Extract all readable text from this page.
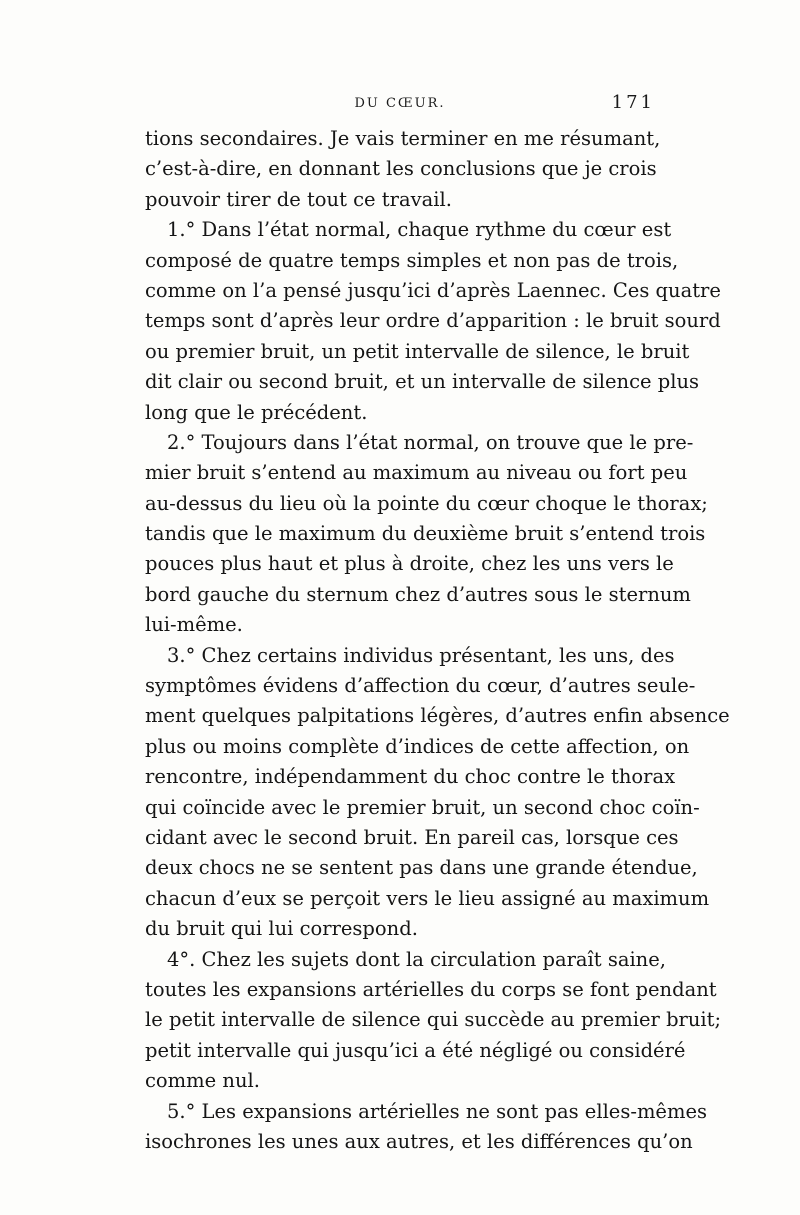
DU CŒUR.	171
tions secondaires. Je vais terminer en me résumant,
c’est-à-dire, en donnant les conclusions que je crois
pouvoir tirer de tout ce travail.
1.° Dans l’état normal, chaque rythme du cœur est
composé de quatre temps simples et non pas de trois,
comme on l’a pensé jusqu’ici d’après Laennec. Ces quatre
temps sont d’après leur ordre d’apparition : le bruit sourd
ou premier bruit, un petit intervalle de silence, le bruit
dit clair ou second bruit, et un intervalle de silence plus
long que le précédent.
2.° Toujours dans l’état normal, on trouve que le pre-
mier bruit s’entend au maximum au niveau ou fort peu
au-dessus du lieu où la pointe du cœur choque le thorax;
tandis que le maximum du deuxième bruit s’entend trois
pouces plus haut et plus à droite, chez les uns vers le
bord gauche du sternum chez d’autres sous le sternum
lui-même.
3.° Chez certains individus présentant, les uns, des
symptômes évidens d’affection du cœur, d’autres seule-
ment quelques palpitations légères, d’autres enfin absence
plus ou moins complète d’indices de cette affection, on
rencontre, indépendamment du choc contre le thorax
qui coïncide avec le premier bruit, un second choc coïn-
cidant avec le second bruit. En pareil cas, lorsque ces
deux chocs ne se sentent pas dans une grande étendue,
chacun d’eux se perçoit vers le lieu assigné au maximum
du bruit qui lui correspond.
4°. Chez les sujets dont la circulation paraît saine,
toutes les expansions artérielles du corps se font pendant
le petit intervalle de silence qui succède au premier bruit;
petit intervalle qui jusqu’ici a été négligé ou considéré
comme nul.
5.° Les expansions artérielles ne sont pas elles-mêmes
isochrones les unes aux autres, et les différences qu’on
